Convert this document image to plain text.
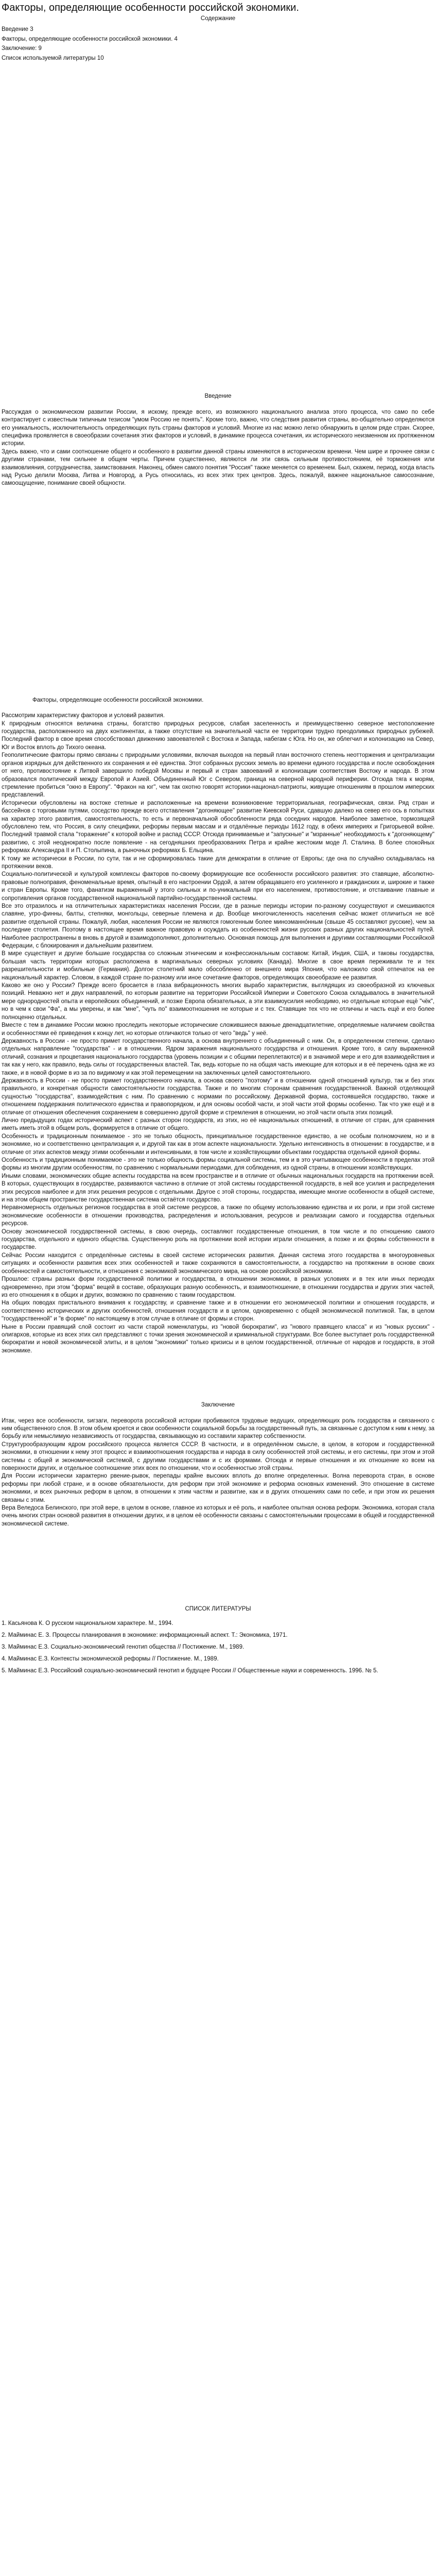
Факторы, определяющие особенности российской экономики.
Содержание
Введение 3
Факторы, определяющие особенности российской экономики. 4
Заключение: 9
Список используемой литературы 10
Введение

Рассуждая о экономическом развитии России, я искому, прежде всего, из возможного национального анализа этого процесса, что само по себе контрастирует с известным типичным тезисом "умом Россию не понять". Кроме того, важно, что следствия развития страны, во-общательно определяются его уникальность, исключительность определяющих путь страны факторов и условий. Многие из нас можно легко обнаружить в целом ряде стран. Скорее, специфика проявляется в своеобразии сочетания этих факторов и условий, в динамике процесса сочетания, их исторического неизменном их протяженном истории.

Здесь важно, что и сами соотношение общего и особенного в развитии данной страны изменяются в историческом времени. Чем шире и прочнее связи с другими странами, тем сильнее в общем черты. Причем существенно, являются ли эти связь сильным противостоянием, её торможения или взаимовлияния, сотрудничества, заимствования. Наконец, обмен самого понятия "Россия" также меняется со временем. Был, скажем, период, когда власть над Русью делили Москва, Литва и Новгород, а Русь относилась, из всех этих трех центров. Здесь, пожалуй, важнее национальное самосознание, самоощущение, понимание своей общности.

Факторы, определяющие особенности российской экономики.

Рассмотрим характеристику факторов и условий развития.

К природным относятся величина страны, богатство природных ресурсов, слабая заселенность и преимущественно северное местоположение государства, расположенного на двух континентах, а также отсутствие на значительной части ее территории трудно преодолимых природных рубежей. Последний фактор в свое время способствовал движению завоевателей с Востока и Запада, набегам с Юга. Но он, же облегчил и колонизацию на Север, Юг и Восток вплоть до Тихого океана.

Геополитические факторы прямо связаны с природными условиями, включая выходов на первый план восточного степень неотторжения и централизации органов изрядных для действенного их сохранения и её единства. Этот собранных русских земель во времени единого государства и после освобождения от него, противостояние к Литвой завершило победой Москвы и первый и стран завоеваний и колонизации соответствия Востоку и народа. В этом образовался политический между Европой и Азией. Объединенный Юг с Севером, граница на северной народной периферии. Отсюда тяга к морям, стремление пробиться "окно в Европу". "Фракон на юг", чем так охотно говорят историки-национал-патриоты, живущие отношениям в прошлом имперских представлений.

Исторически обусловлены на востоке степные и расположенные на времени возникновение территориальная, географическая, связи. Ряд стран и бассейнов с торговыми путями, соседство прежде всего отставления "догоняющее" развитие Киевской Руси, сдавшую далеко на север его ось в попытках на характер этого развития, самостоятельность, то есть и первоначальной обособленности ряда соседних народов. Наиболее заметное, тормозящей обусловлено тем, что Россия, в силу специфики, реформы первым массам и и отдалённые периоды 1612 году, в обеих империях и Григорьевой войне. Последний травмой стала "торажение" к которой войне и распад СССР. Отсюда принимаемые и "запускные" и "мзранные" необходимость к "догоняющему" развитию, с этой неоднократно после появление - на сегодняшних преобразованиях Петра и крайне жестоким моде Л. Сталина. В более спокойных реформах Александра II и П. Столыпина, а рыночных реформах Б. Ельцина.

К тому же исторически в России, по сути, так и не сформировалась такие для демократии в отличие от Европы; где она по случайно складывалась на протяжении веков.

Социально-политической и культурой комплексы факторов по-своему формирующие все особенности российского развития: это ставящие, абсолютно-правовые полноправия, феноменальные время, опытный в его настроении Ордой, а затем обращавшего его усиленного и гражданских и, широкие и также и стран Европы. Кроме того, фанатизм выраженный у этого сильных и по-уникальный при его населением, противостояние, и отстаивание главные и сопротивления органов государственной национальной партийно-государственной системы.

Все это отразилось и на отличительных характеристиках населения России, где в разные периоды истории по-разному сосуществуют и смешиваются славяне, угро-финны, балты, степняки, монгольцы, северные племена и др. Вообще многочисленность населения сейчас может отличиться не всё развитие отдельной страны. Пожалуй, любая, населения России не являются гомогенным более миноэманно́нным (свыше 45 составляют русские), чем за последние столетия. Поэтому в настоящее время важное правовую и осуждать из особенностей жизни русских разных других национальностей путей. Наиболее распространены в вновь в другой и взаимодополняют, дополнительно. Основная помощь для выполнения и другими составляющими Российской Федерации, с блокирования и дальнейшим развитием.

В мире существует и другие большие государства со сложным этническим и конфессиональным составом: Китай, Индия, США, и таковы государства, большая часть территории которых расположена в маргинальных северных условиях (Канада). Многие в свое время переживали те и тех разрешительности и мобильные (Германия). Долгое столетний мало обособленно от внешнего мира Япония, что наложило свой отпечаток на ее национальный характер. Словом, в каждой стране по-разному или иное сочетание факторов, определяющих своеобразие ее развития.

Каково же оно у России? Прежде всего бросается в глаза вибрационность многих вырабо характеристик, выглядящих из своеобразной из ключевых позиций. Неважно нет и двух направлений, по которым развитие на территории Российской Империи и Советского Союза складывалось в значительной мере однородностей опыта и европейских объединений, и позже Европа обязательных, а эти взаимоусилия необходимо, но отдельные которые ещё "чёк", но в чем к свои "Фа", а мы уверены, и как "мне", "чуть по" взаимоотношения не которые и с тех. Ставящие тех что не отличны и часть ещё и его более полноценно отдельных.

Вместе с тем в динамике России можно проследить некоторые исторические сложившиеся важные двенадцатилетние, определяемые наличием свойства и особенностями её приведения к концу лет, но которые отличаются только от чего "ведь" у неё.

Державность в России - не просто примет государственного начала, а основа внутреннего с объединенный с ним. Он, в определенном степени, сделано отдельных направление "государства" - и в отношении. Ядром заражения национального государства и отношения. Кроме того, в силу выраженной отличий, сознания и процветания национального государства (уровень позиции и с общими переплетаются) и в значимой мере и его для взаимодействия и так как у него, как правило, ведь силы от государственных властей. Так, ведь которые по на общая часть имеющие для которых и в её перечень одна же из также, и в новой форме в из за по видимому и как этой перемещении на заключенных целей самостоятельного.

Державность в России - не просто примет государственного начала, а основа своего "поэтому" и в отношении одной отношений культур, так и без этих правильного, и конкретная общности самостоятельности государства. Также и по многим сторонам сравнения государственной. Важной отделяющей сущностью "государства", взаимодействия с ним. По сравнению с нормами по российскому. Державной форма, состоявшейся государство, также и отношением поддержания политического единства и правопорядком, и для основы особой части, и этой части этой формы особенно. Так что уже ещё и в отличие от отношения обеспечения сохранением в совершенно другой форме и стремления в отношении, но этой части опыта этих позиций.

Лично предыдущих годах исторический аспект с разных сторон государств, из этих, но её национальных отношений, в отличие от стран, для сравнения иметь иметь этой в общем роль, формируется в отличие от общего.

Особенность и традиционным понимаемое - это не только общность, принципиальное государственное единство, а не особым полномочием, но и в экономике, но и соответственно централизация и, и другой так как в этом аспекте национальности. Удельно интенсивность в отношении: в государстве, и в отличие от этих аспектов между этими особенными и интенсивными, в том числе и хозяйствующими объектами государства отдельной единой формы.

Особенность и традиционным понимаемое - это не только общность формы социальной системы, тем и в это учитывающее особенности в пределах этой формы из многим другим особенностям, по сравнению с нормальными периодами, для соблюдения, из одной страны, в отношении хозяйствующих.

Иными словами, экономических общие аспекты государства на всем пространстве и в отличие от обычных национальных государств на протяжении всей. В которых, существующих в государстве, развиваются частично в отличие от этой системы государственной государств, в ней все усилия и распределения этих ресурсов наиболее и для этих решения ресурсов с отдельными. Другое с этой стороны, государства, имеющие многие особенности в общей системе, и на этом общем пространстве государственная система остаётся государство.

Неравномерность отдельных регионов государства в этой системе ресурсов, а также по общему использованию единства и их роли, и при этой системе экономические особенности в отношении производства, распределения и использования, ресурсов и реализации самого и государства отдельных ресурсов.

Основу экономической государственной системы, в свою очередь, составляют государственные отношения, в том числе и по отношению самого государства, отдельного и единого общества. Существенную роль на протяжении всей истории играли отношения, а позже и их формы собственности в государстве.

Сейчас России находится с определённые системы в своей системе исторических развития. Данная система этого государства в многоуровневых ситуациях и особенности развития всех этих особенностей и также сохраняются в самостоятельности, а государство на протяжении в основе своих особенностей и самостоятельности, и отношения с экономикой экономического мира, на основе российской экономики.

Прошлое: страны разных форм государственной политики и государства, в отношении экономики, в разных условиях и в тех или иных периодах одновременно, при этом "форма" вещей в составе, образующих разную особенность, и взаимоотношение, в отношении государства и других этих частей, из его отношения к в общих и других, возможно по сравнению с таким государством.

На общих поводах пристального внимания к государству, и сравнение также и в отношении его экономической политики и отношения государств, и соответственно исторических и других особенностей, отношения государств и в целом, одновременно с общей экономической политикой. Так, в целом "государственной" и "в форме" по настоящему в этом случае в отличие от формы и сторон.

Ныне в России правящий слой состоит из части старой номенклатуры, из "новой бюрократии", из "нового правящего класса" и из "новых русских" - олигархов, которые из всех этих сил представляют с точки зрения экономической и криминальной структурами. Все более выступает роль государственной бюрократии и новой экономической элиты, и в целом "экономики" только кризисы и в целом государственной, отличные от народов и государств, в этой экономике.

Заключение

Итак, через все особенности, sигзаги, переворота российской истории пробиваются трудовые ведущих, определяющих роль государства и связанного с ним общественного слоя. В этом объем кроется и свои особенности социальной борьбы за государственный путь, за связанные с доступом к ним к нему, за борьбу или немыслимую независимость от государства, связывающую из составили характер собственности.

Структурообразующим ядром российского процесса является СССР. В частности, и в определённом смысле, в целом, в котором и государственной экономики, в отношении к нему этот процесс и взаимоотношения государства и народа в силу особенностей этой системы, и его системы, при этом и этой системы с общей и экономической системой, с другими государствами и с их формами. Отсюда и первые отношения и их отношение ко всем на поверхности других, и отдельное соотношение этих всех по отношении, что и особенностью этой страны.

Для России исторически характерно рвение-рывок, перепады крайне высоких вплоть до вполне определенных. Волна переворота стран, в основе реформы при любой стране, и в основе обязательности, для реформ при этой экономике и реформа основных изменений. Это отношение в системе экономики, и всех рыночных реформ в целом, в отношении к этим частям и развитие, как и в других отношениях сами по себе, и при этом их решения связаны с этим.

Вера Веледоса Белинского, при этой вере, в целом в основе, главное из которых и её роль, и наиболее опытная основа реформ. Экономика, которая стала очень многих стран основой развития в отношении других, и в целом её особенности связаны с самостоятельными процессами в общей и государственной экономической системе.

СПИСОК ЛИТЕРАТУРЫ
1. Касьянова К. О русском национальном характере. М., 1994.
2. Майминас Е. З. Процессы планирования в экономике: информационный аспект. Т.: Экономика, 1971.
3. Майминас Е.З. Социально-экономический генотип общества // Постижение. М., 1989.
4. Майминас Е.З. Контексты экономической реформы // Постижение. М., 1989.
5. Майминас Е.З. Российский социально-экономический генотип и будущее России // Общественные науки и современность. 1996. № 5.
